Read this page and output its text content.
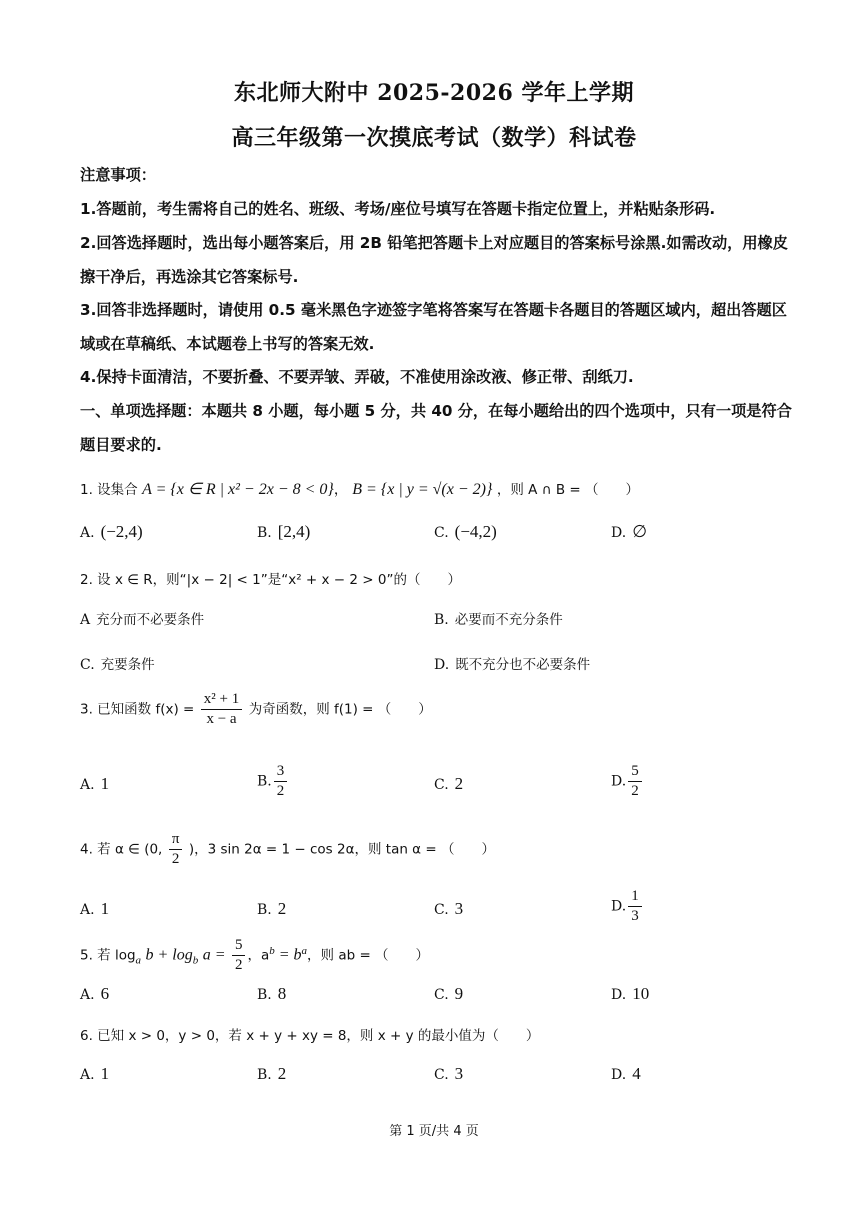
东北师大附中 2025-2026 学年上学期
高三年级第一次摸底考试（数学）科试卷
注意事项：
1.答题前，考生需将自己的姓名、班级、考场/座位号填写在答题卡指定位置上，并粘贴条形码.
2.回答选择题时，选出每小题答案后，用 2B 铅笔把答题卡上对应题目的答案标号涂黑.如需改动，用橡皮擦干净后，再选涂其它答案标号.
3.回答非选择题时，请使用 0.5 毫米黑色字迹签字笔将答案写在答题卡各题目的答题区域内，超出答题区域或在草稿纸、本试题卷上书写的答案无效.
4.保持卡面清洁，不要折叠、不要弄皱、弄破，不准使用涂改液、修正带、刮纸刀.
一、单项选择题：本题共 8 小题，每小题 5 分，共 40 分，在每小题给出的四个选项中，只有一项是符合题目要求的.
1. 设集合 A = {x ∈ R | x² − 2x − 8 < 0}， B = {x | y = √(x − 2)} ，则 A ∩ B = （　　）
A. (−2,4)	B. [2,4)	C. (−4,2)	D. ∅
2. 设 x ∈ R，则“|x − 2| < 1”是“x² + x − 2 > 0”的（　　）
A 充分而不必要条件	B. 必要而不充分条件
C. 充要条件	D. 既不充分也不必要条件
3. 已知函数 $f(x) = \frac{\text{x² + 1}}{x - a}$ 为奇函数，则 f(1) = （　　）
A. 1	B. $\frac{3}{2}$	C. 2	D. $\frac{5}{2}$
4. 若 α ∈ (0, $\frac{\pi}{2}$ )，3 sin 2α = 1 − cos 2α，则 tan α = （　　）
A. 1	B. 2	C. 3	D. $\frac{1}{3}$
5. 若 $\log_a b + \log_b a = \frac{5}{2}$ ，$a^b = b^a$，则 ab = （　　）
A. 6	B. 8	C. 9	D. 10
6. 已知 x > 0，y > 0，若 x + y + xy = 8，则 x + y 的最小值为（　　）
A. 1	B. 2	C. 3	D. 4
第 1 页/共 4 页
